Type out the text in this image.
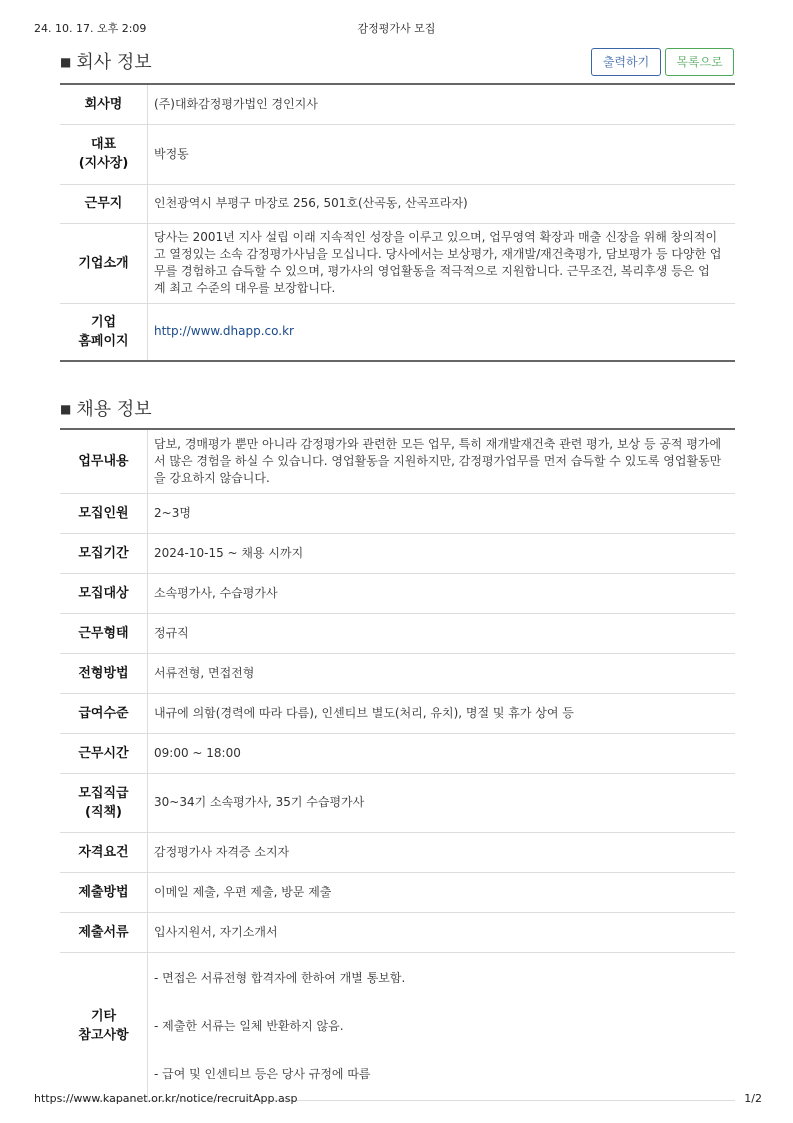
24. 10. 17. 오후 2:09	감정평가사 모집
■ 회사 정보	출력하기	목록으로
회사명	(주)대화감정평가법인 경인지사
대표
(지사장)	박정동
근무지	인천광역시 부평구 마장로 256, 501호(산곡동, 산곡프라자)
기업소개	당사는 2001년 지사 설립 이래 지속적인 성장을 이루고 있으며, 업무영역 확장과 매출 신장을 위해 창의적이
고 열정있는 소속 감정평가사님을 모십니다. 당사에서는 보상평가, 재개발/재건축평가, 담보평가 등 다양한 업
무를 경험하고 습득할 수 있으며, 평가사의 영업활동을 적극적으로 지원합니다. 근무조건, 복리후생 등은 업
계 최고 수준의 대우를 보장합니다.
기업
홈페이지	http://www.dhapp.co.kr
■ 채용 정보
업무내용	담보, 경매평가 뿐만 아니라 감정평가와 관련한 모든 업무, 특히 재개발재건축 관련 평가, 보상 등 공적 평가에
서 많은 경험을 하실 수 있습니다. 영업활동을 지원하지만, 감정평가업무를 먼저 습득할 수 있도록 영업활동만
을 강요하지 않습니다.
모집인원	2~3명
모집기간	2024-10-15 ~ 채용 시까지
모집대상	소속평가사, 수습평가사
근무형태	정규직
전형방법	서류전형, 면접전형
급여수준	내규에 의함(경력에 따라 다름), 인센티브 별도(처리, 유치), 명절 및 휴가 상여 등
근무시간	09:00 ~ 18:00
모집직급
(직책)	30~34기 소속평가사, 35기 수습평가사
자격요건	감정평가사 자격증 소지자
제출방법	이메일 제출, 우편 제출, 방문 제출
제출서류	입사지원서, 자기소개서
기타
참고사항	- 면접은 서류전형 합격자에 한하여 개별 통보함.

- 제출한 서류는 일체 반환하지 않음.

- 급여 및 인센티브 등은 당사 규정에 따름

https://www.kapanet.or.kr/notice/recruitApp.asp	1/2
